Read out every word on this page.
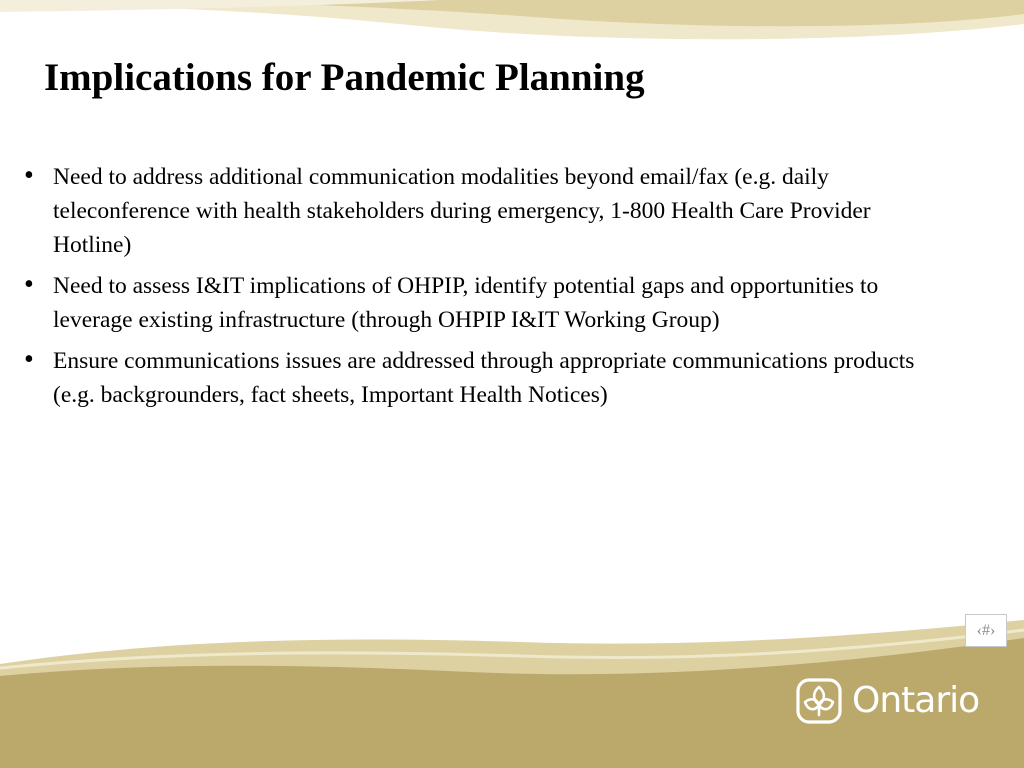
Implications for Pandemic Planning
• Need to address additional communication modalities beyond email/fax (e.g. daily teleconference with health stakeholders during emergency, 1-800 Health Care Provider Hotline)
• Need to assess I&IT implications of OHPIP, identify potential gaps and opportunities to leverage existing infrastructure (through OHPIP I&IT Working Group)
• Ensure communications issues are addressed through appropriate communications products (e.g. backgrounders, fact sheets, Important Health Notices)
‹#›
Ontario
